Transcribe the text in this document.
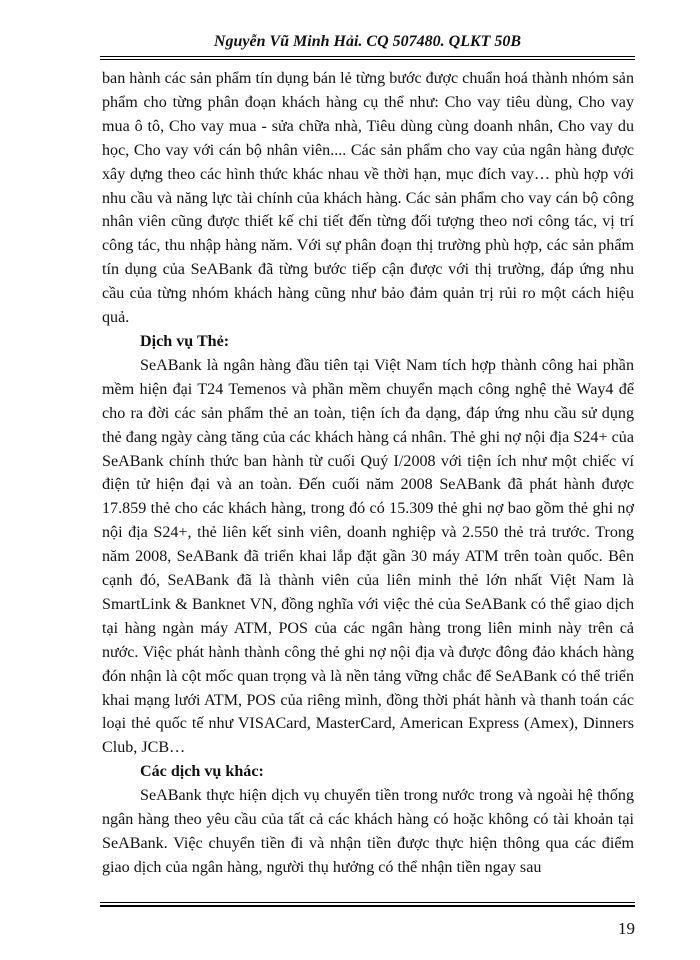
Nguyễn Vũ Minh Hải. CQ 507480. QLKT 50B

ban hành các sản phẩm tín dụng bán lẻ từng bước được chuẩn hoá thành nhóm sản phẩm cho từng phân đoạn khách hàng cụ thể như: Cho vay tiêu dùng, Cho vay mua ô tô, Cho vay mua - sửa chữa nhà, Tiêu dùng cùng doanh nhân, Cho vay du học, Cho vay với cán bộ nhân viên.... Các sản phẩm cho vay của ngân hàng được xây dựng theo các hình thức khác nhau về thời hạn, mục đích vay… phù hợp với nhu cầu và năng lực tài chính của khách hàng. Các sản phẩm cho vay cán bộ công nhân viên cũng được thiết kế chi tiết đến từng đối tượng theo nơi công tác, vị trí công tác, thu nhập hàng năm. Với sự phân đoạn thị trường phù hợp, các sản phẩm tín dụng của SeABank đã từng bước tiếp cận được với thị trường, đáp ứng nhu cầu của từng nhóm khách hàng cũng như bảo đảm quản trị rủi ro một cách hiệu quả.

Dịch vụ Thẻ:

SeABank là ngân hàng đầu tiên tại Việt Nam tích hợp thành công hai phần mềm hiện đại T24 Temenos và phần mềm chuyển mạch công nghệ thẻ Way4 để cho ra đời các sản phẩm thẻ an toàn, tiện ích đa dạng, đáp ứng nhu cầu sử dụng thẻ đang ngày càng tăng của các khách hàng cá nhân. Thẻ ghi nợ nội địa S24+ của SeABank chính thức ban hành từ cuối Quý I/2008 với tiện ích như một chiếc ví điện tử hiện đại và an toàn. Đến cuối năm 2008 SeABank đã phát hành được 17.859 thẻ cho các khách hàng, trong đó có 15.309 thẻ ghi nợ bao gồm thẻ ghi nợ nội địa S24+, thẻ liên kết sinh viên, doanh nghiệp và 2.550 thẻ trả trước. Trong năm 2008, SeABank đã triển khai lắp đặt gần 30 máy ATM trên toàn quốc. Bên cạnh đó, SeABank đã là thành viên của liên minh thẻ lớn nhất Việt Nam là SmartLink & Banknet VN, đồng nghĩa với việc thẻ của SeABank có thể giao dịch tại hàng ngàn máy ATM, POS của các ngân hàng trong liên minh này trên cả nước. Việc phát hành thành công thẻ ghi nợ nội địa và được đông đảo khách hàng đón nhận là cột mốc quan trọng và là nền tảng vững chắc để SeABank có thể triển khai mạng lưới ATM, POS của riêng mình, đồng thời phát hành và thanh toán các loại thẻ quốc tế như VISACard, MasterCard, American Express (Amex), Dinners Club, JCB…

Các dịch vụ khác:

SeABank thực hiện dịch vụ chuyển tiền trong nước trong và ngoài hệ thống ngân hàng theo yêu cầu của tất cả các khách hàng có hoặc không có tài khoản tại SeABank. Việc chuyển tiền đi và nhận tiền được thực hiện thông qua các điểm giao dịch của ngân hàng, người thụ hưởng có thể nhận tiền ngay sau

19
